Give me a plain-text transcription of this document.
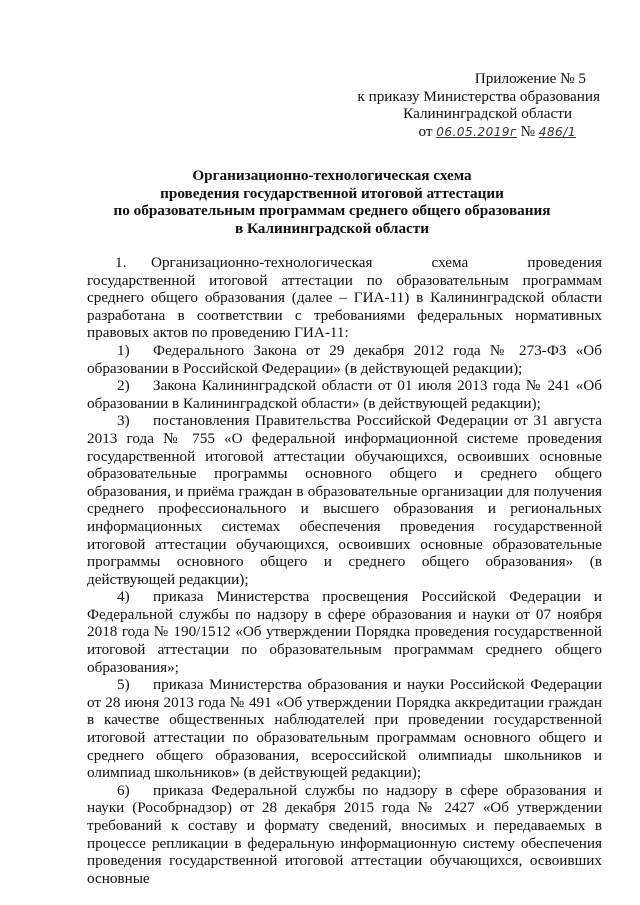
Приложение № 5
к приказу Министерства образования
Калининградской области
от 06.05.2019г № 486/1
Организационно-технологическая схема
проведения государственной итоговой аттестации
по образовательным программам среднего общего образования
в Калининградской области

1. Организационно-технологическая схема проведения государственной итоговой аттестации по образовательным программам среднего общего образования (далее – ГИА-11) в Калининградской области разработана в соответствии с требованиями федеральных нормативных правовых актов по проведению ГИА-11:

1) Федерального Закона от 29 декабря 2012 года № 273-ФЗ «Об образовании в Российской Федерации» (в действующей редакции);

2) Закона Калининградской области от 01 июля 2013 года № 241 «Об образовании в Калининградской области» (в действующей редакции);

3) постановления Правительства Российской Федерации от 31 августа 2013 года № 755 «О федеральной информационной системе проведения государственной итоговой аттестации обучающихся, освоивших основные образовательные программы основного общего и среднего общего образования, и приёма граждан в образовательные организации для получения среднего профессионального и высшего образования и региональных информационных системах обеспечения проведения государственной итоговой аттестации обучающихся, освоивших основные образовательные программы основного общего и среднего общего образования» (в действующей редакции);

4) приказа Министерства просвещения Российской Федерации и Федеральной службы по надзору в сфере образования и науки от 07 ноября 2018 года № 190/1512 «Об утверждении Порядка проведения государственной итоговой аттестации по образовательным программам среднего общего образования»;

5) приказа Министерства образования и науки Российской Федерации от 28 июня 2013 года № 491 «Об утверждении Порядка аккредитации граждан в качестве общественных наблюдателей при проведении государственной итоговой аттестации по образовательным программам основного общего и среднего общего образования, всероссийской олимпиады школьников и олимпиад школьников» (в действующей редакции);

6) приказа Федеральной службы по надзору в сфере образования и науки (Рособрнадзор) от 28 декабря 2015 года № 2427 «Об утверждении требований к составу и формату сведений, вносимых и передаваемых в процессе репликации в федеральную информационную систему обеспечения проведения государственной итоговой аттестации обучающихся, освоивших основные
